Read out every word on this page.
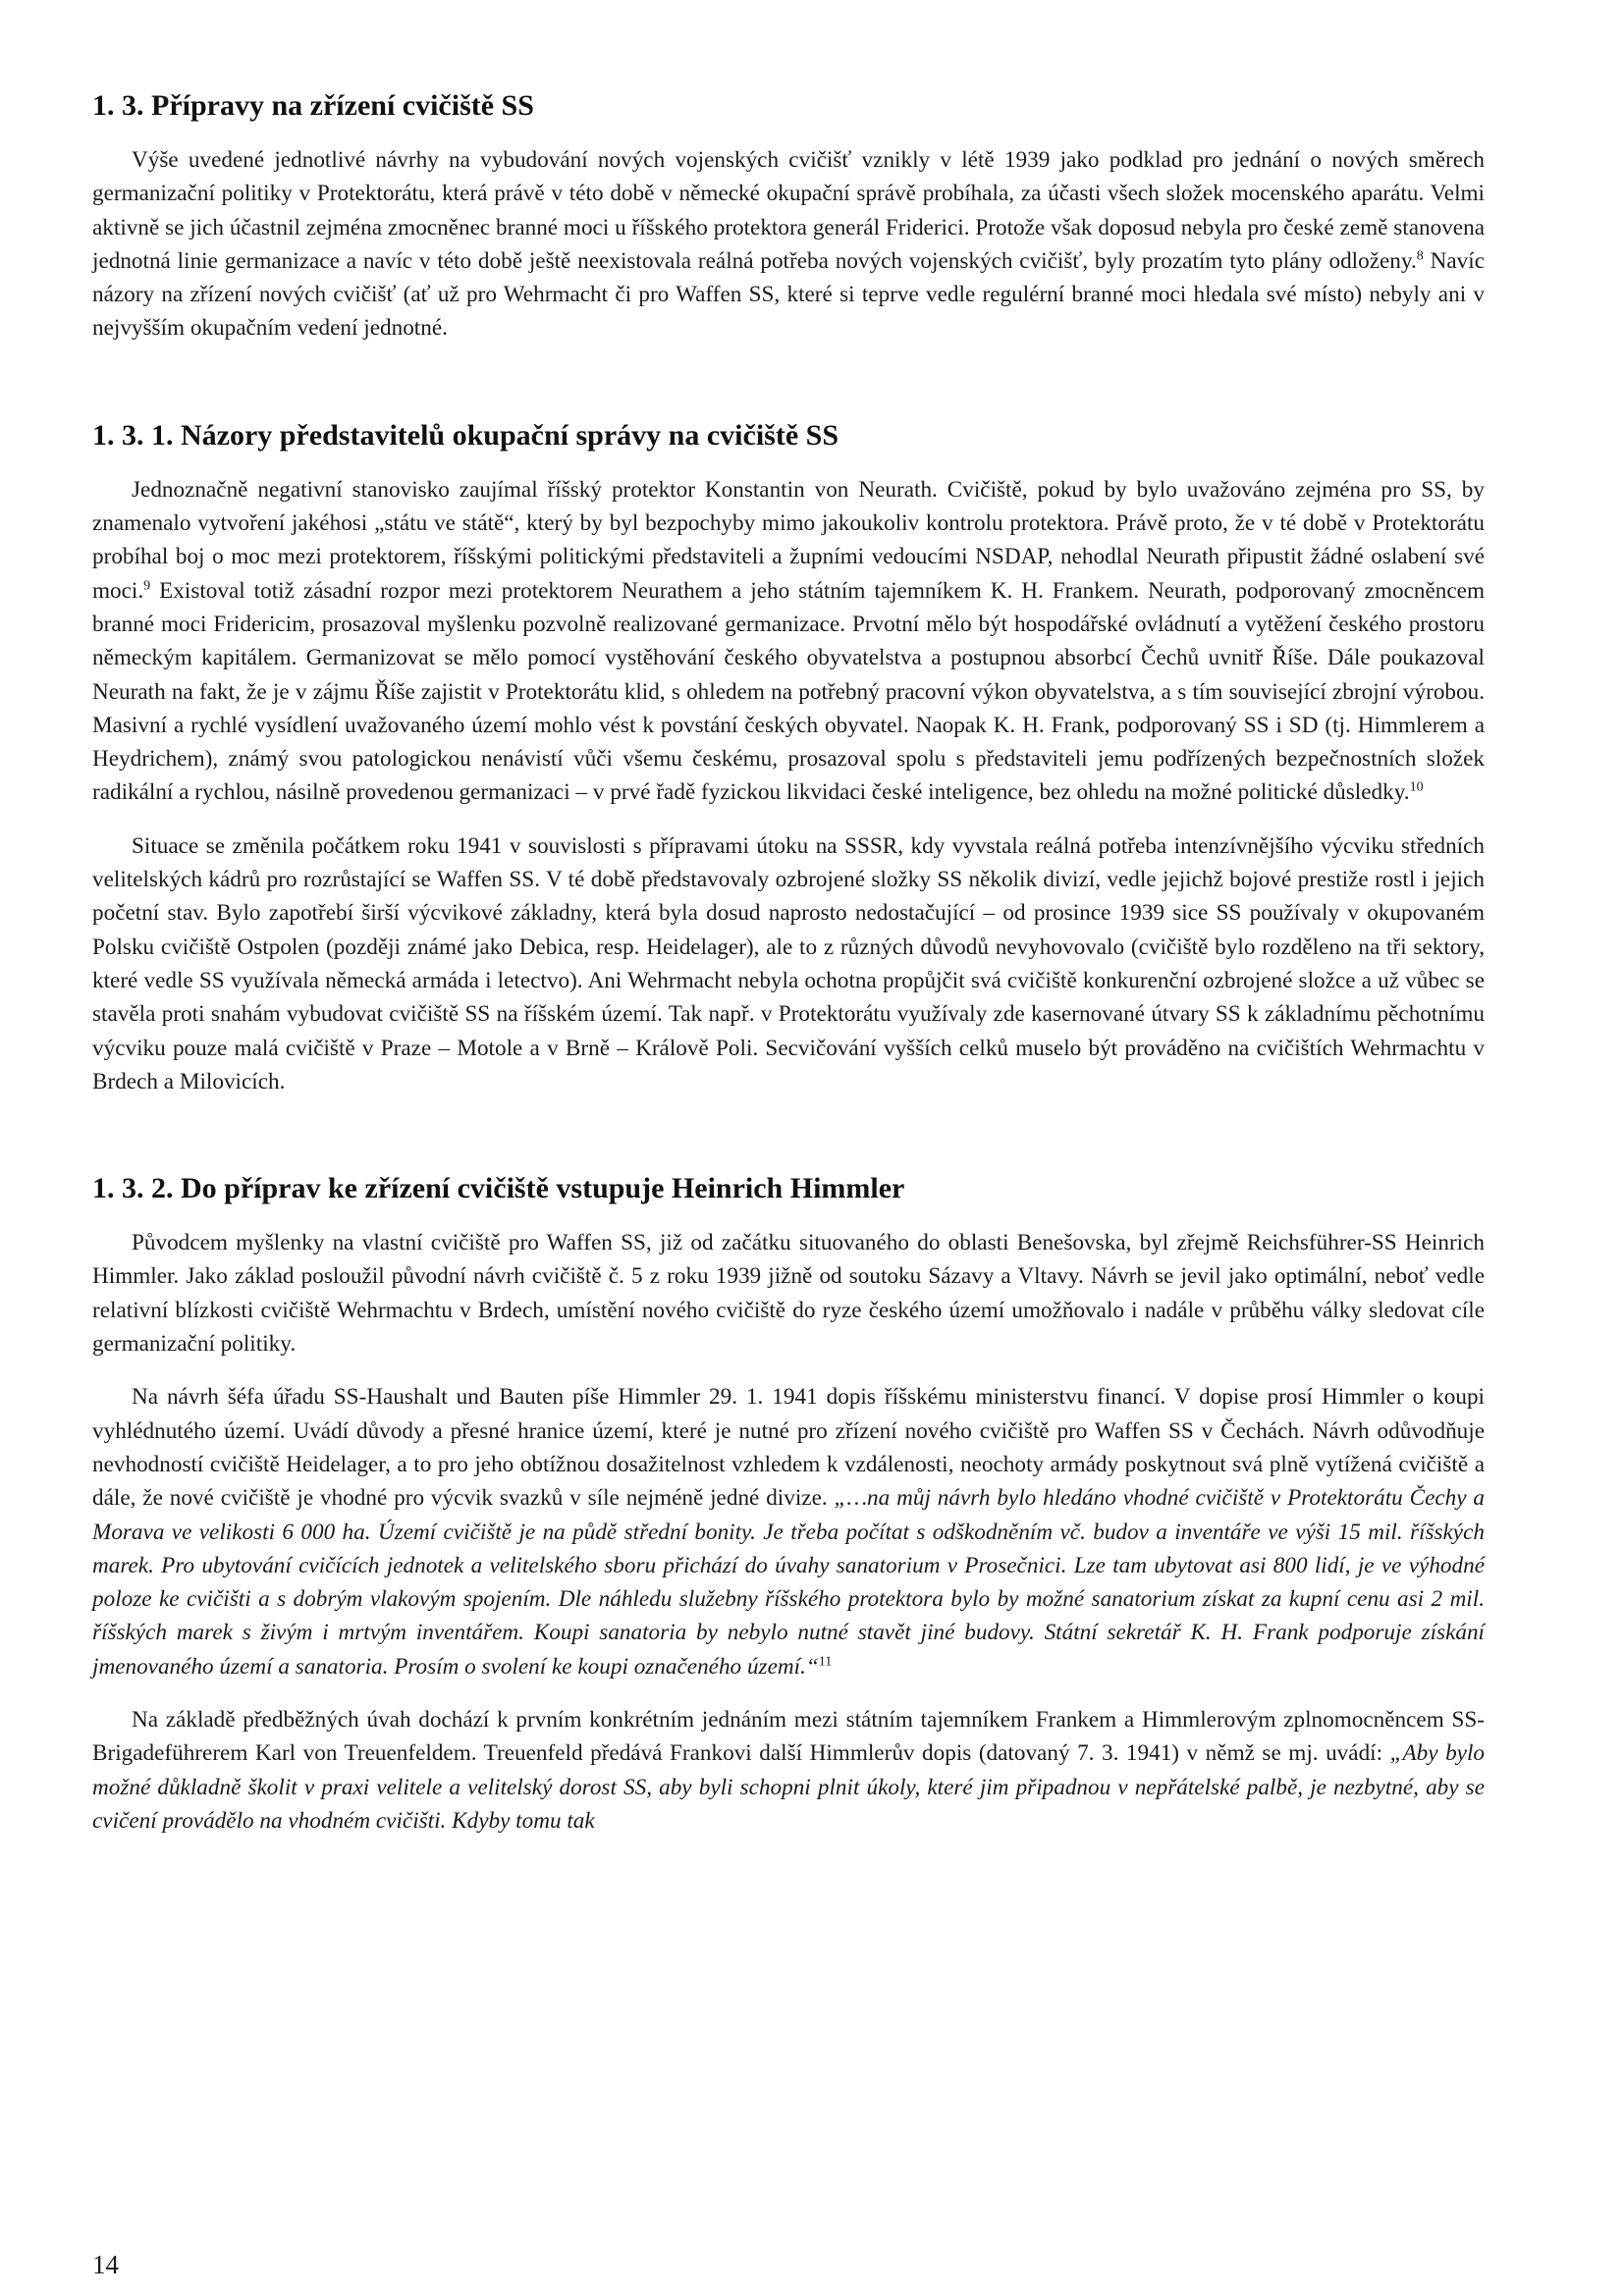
1. 3. Přípravy na zřízení cvičiště SS

Výše uvedené jednotlivé návrhy na vybudování nových vojenských cvičišť vznikly v létě 1939 jako podklad pro jednání o nových směrech germanizační politiky v Protektorátu, která právě v této době v německé okupační správě probíhala, za účasti všech složek mocenského aparátu. Velmi aktivně se jich účastnil zejména zmocněnec branné moci u říšského protektora generál Friderici. Protože však doposud nebyla pro české země stanovena jednotná linie germanizace a navíc v této době ještě neexistovala reálná potřeba nových vojenských cvičišť, byly prozatím tyto plány odloženy.$^8$ Navíc názory na zřízení nových cvičišť (ať už pro Wehrmacht či pro Waffen SS, které si teprve vedle regulérní branné moci hledala své místo) nebyly ani v nejvyšším okupačním vedení jednotné.

1. 3. 1. Názory představitelů okupační správy na cvičiště SS

Jednoznačně negativní stanovisko zaujímal říšský protektor Konstantin von Neurath. Cvičiště, pokud by bylo uvažováno zejména pro SS, by znamenalo vytvoření jakéhosi „státu ve státě“, který by byl bezpochyby mimo jakoukoliv kontrolu protektora. Právě proto, že v té době v Protektorátu probíhal boj o moc mezi protektorem, říšskými politickými představiteli a župními vedoucími NSDAP, nehodlal Neurath připustit žádné oslabení své moci.$^9$ Existoval totiž zásadní rozpor mezi protektorem Neurathem a jeho státním tajemníkem K. H. Frankem. Neurath, podporovaný zmocněncem branné moci Fridericim, prosazoval myšlenku pozvolně realizované germanizace. Prvotní mělo být hospodářské ovládnutí a vytěžení českého prostoru německým kapitálem. Germanizovat se mělo pomocí vystěhování českého obyvatelstva a postupnou absorbcí Čechů uvnitř Říše. Dále poukazoval Neurath na fakt, že je v zájmu Říše zajistit v Protektorátu klid, s ohledem na potřebný pracovní výkon obyvatelstva, a s tím související zbrojní výrobou. Masivní a rychlé vysídlení uvažovaného území mohlo vést k povstání českých obyvatel. Naopak K. H. Frank, podporovaný SS i SD (tj. Himmlerem a Heydrichem), známý svou patologickou nenávistí vůči všemu českému, prosazoval spolu s představiteli jemu podřízených bezpečnostních složek radikální a rychlou, násilně provedenou germanizaci – v prvé řadě fyzickou likvidaci české inteligence, bez ohledu na možné politické důsledky.$^{10}$

Situace se změnila počátkem roku 1941 v souvislosti s přípravami útoku na SSSR, kdy vyvstala reálná potřeba intenzívnějšího výcviku středních velitelských kádrů pro rozrůstající se Waffen SS. V té době představovaly ozbrojené složky SS několik divizí, vedle jejichž bojové prestiže rostl i jejich početní stav. Bylo zapotřebí širší výcvikové základny, která byla dosud naprosto nedostačující – od prosince 1939 sice SS používaly v okupovaném Polsku cvičiště Ostpolen (později známé jako Debica, resp. Heidelager), ale to z různých důvodů nevyhovovalo (cvičiště bylo rozděleno na tři sektory, které vedle SS využívala německá armáda i letectvo). Ani Wehrmacht nebyla ochotna propůjčit svá cvičiště konkurenční ozbrojené složce a už vůbec se stavěla proti snahám vybudovat cvičiště SS na říšském území. Tak např. v Protektorátu využívaly zde kasernované útvary SS k základnímu pěchotnímu výcviku pouze malá cvičiště v Praze – Motole a v Brně – Králově Poli. Secvičování vyšších celků muselo být prováděno na cvičištích Wehrmachtu v Brdech a Milovicích.

1. 3. 2. Do příprav ke zřízení cvičiště vstupuje Heinrich Himmler

Původcem myšlenky na vlastní cvičiště pro Waffen SS, již od začátku situovaného do oblasti Benešovska, byl zřejmě Reichsführer-SS Heinrich Himmler. Jako základ posloužil původní návrh cvičiště č. 5 z roku 1939 jižně od soutoku Sázavy a Vltavy. Návrh se jevil jako optimální, neboť vedle relativní blízkosti cvičiště Wehrmachtu v Brdech, umístění nového cvičiště do ryze českého území umožňovalo i nadále v průběhu války sledovat cíle germanizační politiky.

Na návrh šéfa úřadu SS-Haushalt und Bauten píše Himmler 29. 1. 1941 dopis říšskému ministerstvu financí. V dopise prosí Himmler o koupi vyhlédnutého území. Uvádí důvody a přesné hranice území, které je nutné pro zřízení nového cvičiště pro Waffen SS v Čechách. Návrh odůvodňuje nevhodností cvičiště Heidelager, a to pro jeho obtížnou dosažitelnost vzhledem k vzdálenosti, neochoty armády poskytnout svá plně vytížená cvičiště a dále, že nové cvičiště je vhodné pro výcvik svazků v síle nejméně jedné divize. „…na můj návrh bylo hledáno vhodné cvičiště v Protektorátu Čechy a Morava ve velikosti 6 000 ha. Území cvičiště je na půdě střední bonity. Je třeba počítat s odškodněním vč. budov a inventáře ve výši 15 mil. říšských marek. Pro ubytování cvičících jednotek a velitelského sboru přichází do úvahy sanatorium v Prosečnici. Lze tam ubytovat asi 800 lidí, je ve výhodné poloze ke cvičišti a s dobrým vlakovým spojením. Dle náhledu služebny říšského protektora bylo by možné sanatorium získat za kupní cenu asi 2 mil. říšských marek s živým i mrtvým inventářem. Koupi sanatoria by nebylo nutné stavět jiné budovy. Státní sekretář K. H. Frank podporuje získání jmenovaného území a sanatoria. Prosím o svolení ke koupi označeného území.“$^{11}$

Na základě předběžných úvah dochází k prvním konkrétním jednáním mezi státním tajemníkem Frankem a Himmlerovým zplnomocněncem SS-Brigadeführerem Karl von Treuenfeldem. Treuenfeld předává Frankovi další Himmlerův dopis (datovaný 7. 3. 1941) v němž se mj. uvádí: „Aby bylo možné důkladně školit v praxi velitele a velitelský dorost SS, aby byli schopni plnit úkoly, které jim připadnou v nepřátelské palbě, je nezbytné, aby se cvičení provádělo na vhodném cvičišti. Kdyby tomu tak

14
